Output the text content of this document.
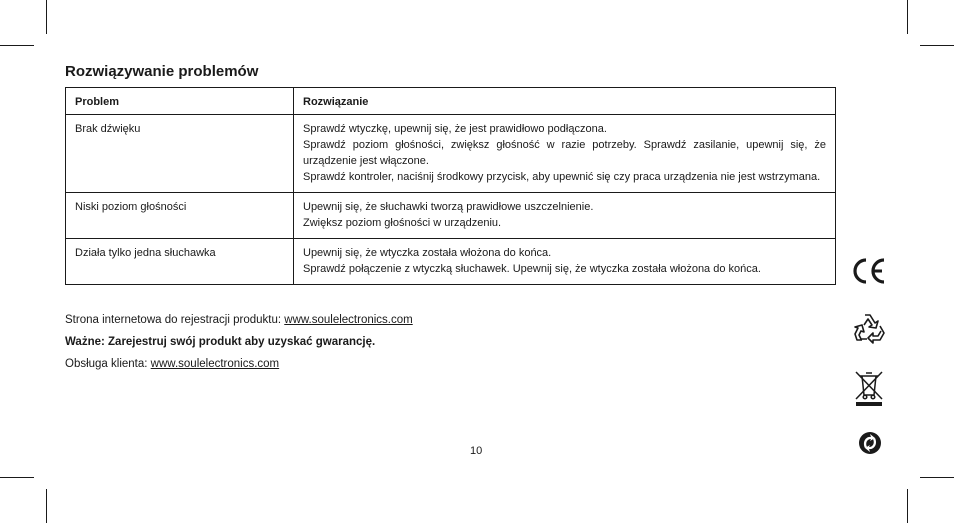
Rozwiązywanie problemów
Problem	Rozwiązanie
Brak dźwięku	Sprawdź wtyczkę, upewnij się, że jest prawidłowo podłączona.
Sprawdź poziom głośności, zwiększ głośność w razie potrzeby. Sprawdź zasilanie, upewnij się, że urządzenie jest włączone.
Sprawdź kontroler, naciśnij środkowy przycisk, aby upewnić się czy praca urządzenia nie jest wstrzymana.

Niski poziom głośności	Upewnij się, że słuchawki tworzą prawidłowe uszczelnienie.
Zwiększ poziom głośności w urządzeniu.

Działa tylko jedna słuchawka	Upewnij się, że wtyczka została włożona do końca.
Sprawdź połączenie z wtyczką słuchawek. Upewnij się, że wtyczka została włożona do końca.
Strona internetowa do rejestracji produktu: www.soulelectronics.com
Ważne: Zarejestruj swój produkt aby uzyskać gwarancję.
Obsługa klienta: www.soulelectronics.com
10
